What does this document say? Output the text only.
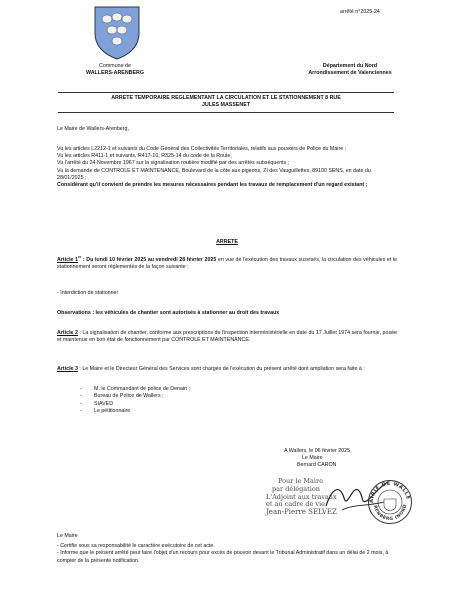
arrêté n°2025-24
Commune de
WALLERS-ARENBERG
Département du Nord
Arrondissement de Valenciennes
ARRETE TEMPORAIRE REGLEMENTANT LA CIRCULATION ET LE STATIONNEMENT 8 RUE
JULES MASSENET
Le Maire de Wallers-Arenberg,
Vu les articles L2212-1 et suivants du Code Général des Collectivités Territoriales, relatifs aux pouvoirs de Police du Maire ;
Vu les articles R411-1 et suivants, R417-10, R325-14 du code de la Route,
Vu l'arrêté du 24 Novembre 1967 sur la signalisation routière modifié par des arrêtés subséquents ;
Vu la demande de CONTROLE ET MAINTENANCE, Boulevard de la côte aux pigeons, ZI des Vauguillettes, 89100 SENS, en date du 28/01/2025 ;
Considérant qu'il convient de prendre les mesures nécessaires pendant les travaux de remplacement d'un regard existant ;
ARRETE
Article 1er : Du lundi 10 février 2025 au vendredi 28 février 2025 en vue de l'exécution des travaux susvisés, la circulation des véhicules et le stationnement seront réglementés de la façon suivante :
- Interdiction de stationner
Observations : les véhicules de chantier sont autorisés à stationner au droit des travaux
Article 2 : La signalisation de chantier, conforme aux prescriptions de l'inspection interministérielle en date du 17 Juillet 1974 sera fournie, posée et maintenue en bon état de fonctionnement par CONTROLE ET MAINTENANCE.
Article 3 : Le Maire et le Directeur Général des Services sont chargés de l'exécution du présent arrêté dont ampliation sera faite à :
- M. le Commandant de police de Denain ;
- Bureau de Police de Wallers ;
- SIAVED
- Le pétitionnaire
A Wallers, le 06 février 2025
Le Maire
Bernard CARON
Pour le Maire
par délégation
L'Adjoint aux travaux
et au cadre de vie
Jean-Pierre SELVEZ
AIRIE DE WALLE
RENBERG (NORD
Le Maire
- Certifie sous sa responsabilité le caractère exécutoire de cet acte.
- Informe que le présent arrêté peut faire l'objet d'un recours pour excès de pouvoir devant le Tribunal Administratif dans un délai de 2 mois, à compter de la présente notification.
